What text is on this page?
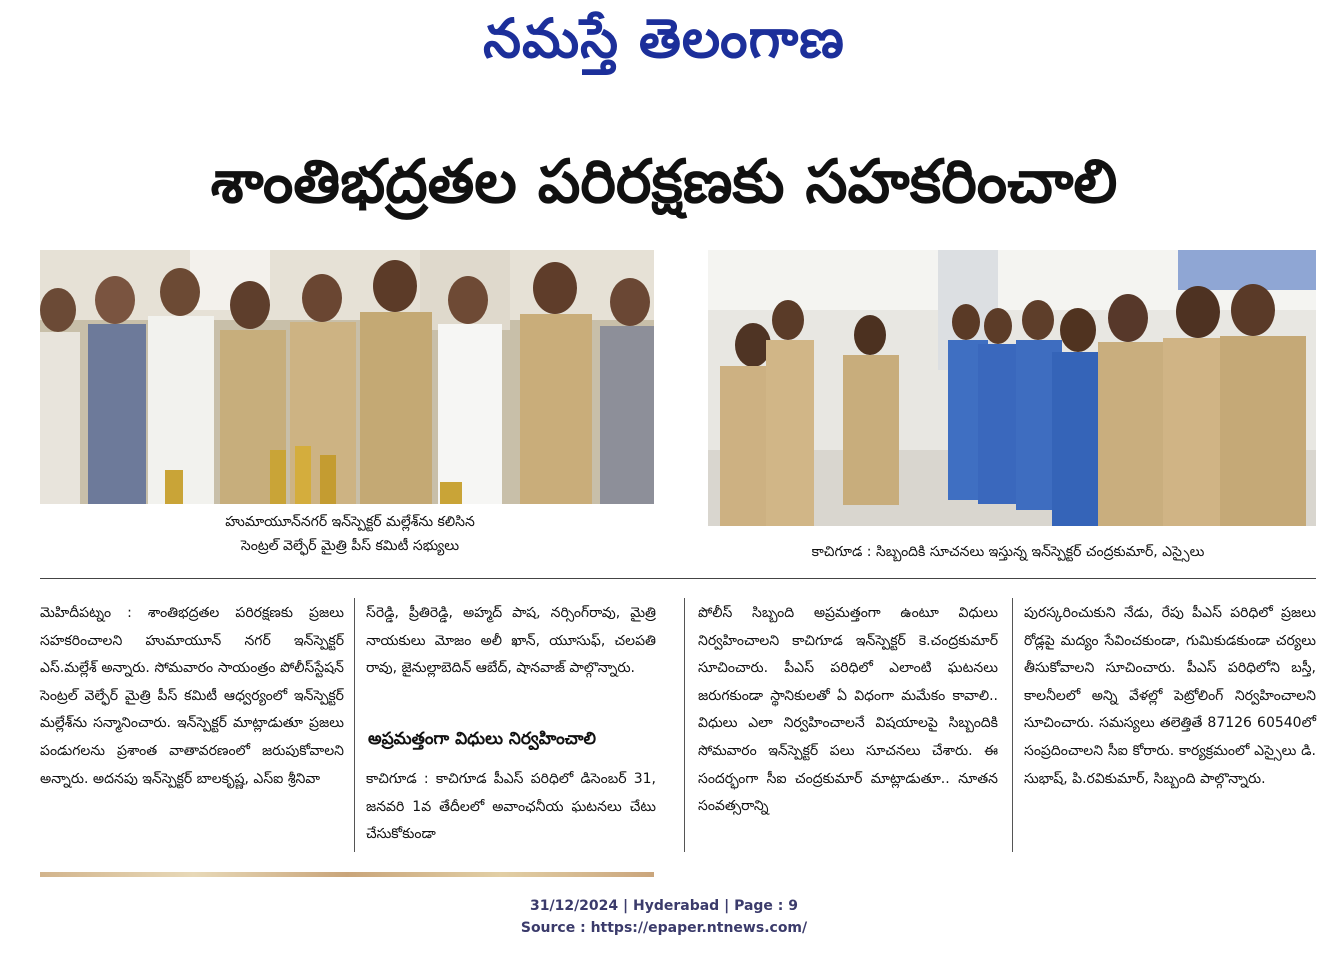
నమస్తే తెలంగాణ
శాంతిభద్రతల పరిరక్షణకు సహకరించాలి
హుమాయూన్‌నగర్ ఇన్‌స్పెక్టర్ మల్లేశ్‌ను కలిసిన
సెంట్రల్ వెల్ఫేర్ మైత్రి పీస్ కమిటీ సభ్యులు	కాచిగూడ : సిబ్బందికి సూచనలు ఇస్తున్న ఇన్‌స్పెక్టర్ చంద్రకుమార్, ఎస్సైలు

మెహిదీపట్నం : శాంతిభద్రతల పరిరక్షణకు ప్రజలు సహకరించాలని హుమాయూన్ నగర్ ఇన్‌స్పెక్టర్ ఎస్.మల్లేశ్ అన్నారు. సోమవారం సాయంత్రం పోలీస్‌స్టేషన్ సెంట్రల్ వెల్ఫేర్ మైత్రి పీస్ కమిటీ ఆధ్వర్యంలో ఇన్‌స్పెక్టర్ మల్లేశ్‌ను సన్మానించారు. ఇన్‌స్పెక్టర్ మాట్లాడుతూ ప్రజలు పండుగలను ప్రశాంత వాతావరణంలో జరుపుకోవాలని అన్నారు. అదనపు ఇన్‌స్పెక్టర్ బాలకృష్ణ, ఎస్‌ఐ శ్రీనివా

స్‌రెడ్డి, ప్రీతిరెడ్డి, అహ్మద్ పాష, నర్సింగ్‌రావు, మైత్రి నాయకులు మోజం అలీ ఖాన్, యూసుఫ్, చలపతి రావు, జైనుల్లాబెదిన్ ఆబేద్, షానవాజ్ పాల్గొన్నారు.

అప్రమత్తంగా విధులు నిర్వహించాలి

కాచిగూడ : కాచిగూడ పీఎస్ పరిధిలో డిసెంబర్ 31, జనవరి 1వ తేదీలలో అవాంఛనీయ ఘటనలు చేటు చేసుకోకుండా

పోలీస్ సిబ్బంది అప్రమత్తంగా ఉంటూ విధులు నిర్వహించాలని కాచిగూడ ఇన్‌స్పెక్టర్ కె.చంద్రకుమార్ సూచించారు. పీఎస్ పరిధిలో ఎలాంటి ఘటనలు జరుగకుండా స్థానికులతో ఏ విధంగా మమేకం కావాలి.. విధులు ఎలా నిర్వహించాలనే విషయాలపై సిబ్బందికి సోమవారం ఇన్‌స్పెక్టర్ పలు సూచనలు చేశారు. ఈ సందర్భంగా సీఐ చంద్రకుమార్ మాట్లాడుతూ.. నూతన సంవత్సరాన్ని

పురస్కరించుకుని నేడు, రేపు పీఎస్ పరిధిలో ప్రజలు రోడ్లపై మద్యం సేవించకుండా, గుమికుడకుండా చర్యలు తీసుకోవాలని సూచించారు. పీఎస్ పరిధిలోని బస్తీ, కాలనీలలో అన్ని వేళల్లో పెట్రోలింగ్ నిర్వహించాలని సూచించారు. సమస్యలు తలెత్తితే 87126 60540లో సంప్రదించాలని సీఐ కోరారు. కార్యక్రమంలో ఎస్సైలు డి. సుభాష్, పి.రవికుమార్, సిబ్బంది పాల్గొన్నారు.

31/12/2024 | Hyderabad | Page : 9
Source : https://epaper.ntnews.com/
